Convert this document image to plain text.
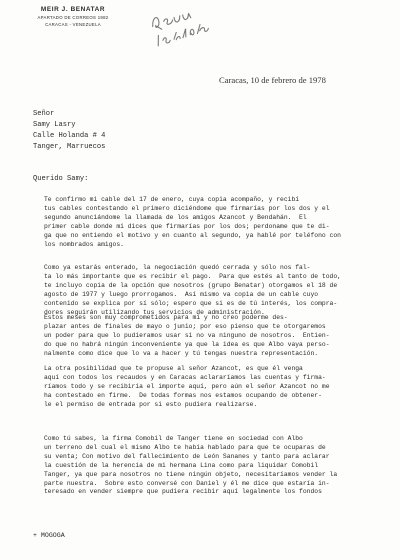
MEIR J. BENATAR
APARTADO DE CORREOS 1982
CARACAS - VENEZUELA
Caracas, 10 de febrero de 1978
Señor
Samy Lasry
Calle Holanda # 4
Tanger, Marruecos
Querido Samy:
Te confirmo mi cable del 17 de enero, cuya copia acompaño, y recibí
tus cables contestando el primero diciéndome que firmarías por los dos y el
segundo anunciándome la llamada de los amigos Azancot y Bendahán.  El
primer cable donde mi dices que firmarías por los dos; perdoname que te di-
ga que no entiendo el motivo y en cuanto al segundo, ya hablé por teléfono con
los nombrados amigos.
Como ya estarás enterado, la negociación quedó cerrada y sólo nos fal-
ta lo más importante que es recibir el pago.  Para que estés al tanto de todo,
te incluyo copia de la opción que nosotros (grupo Benatar) otorgamos el 18 de
agosto de 1977 y luego prorrogamos.  Así mismo va copia de un cable cuyo
contenido se explica por sí sólo; espero que si es de tú interés, los compra-
dores seguirán utilizando tus servicios de administración.
Estos meses son muy comprometidos para mi y no creo poderme des-
plazar antes de finales de mayo o junio; por eso pienso que te otorgaremos
un poder para que lo pudieramos usar si no va ninguno de nosotros.  Entien-
do que no habrá ningún inconveniente ya que la idea es que Albo vaya perso-
nalmente como dice que lo va a hacer y tú tengas nuestra representación.
La otra posibilidad que te propuse al señor Azancot, es que él venga
aquí con todos los recaudos y en Caracas aclararíamos las cuentas y firma-
ríamos todo y se recibiría el importe aquí, pero aún el señor Azancot no me
ha contestado en firme.  De todas formas nos estamos ocupando de obtener-
le el permiso de entrada por si esto pudiera realizarse.
Como tú sabes, la firma Comobil de Tanger tiene en sociedad con Albo
un terreno del cual el mismo Albo te había hablado para que te ocuparas de
su venta; Con motivo del fallecimiento de León Sananes y tanto para aclarar
la cuestión de la herencia de mi hermana Lina como para liquidar Comobil
Tanger, ya que para nosotros no tiene ningún objeto, necesitaríamos vender la
parte nuestra.  Sobre esto conversé con Daniel y él me dice que estaría in-
teresado en vender siempre que pudiera recibir aquí legalmente los fondos
+ MOGOGA
